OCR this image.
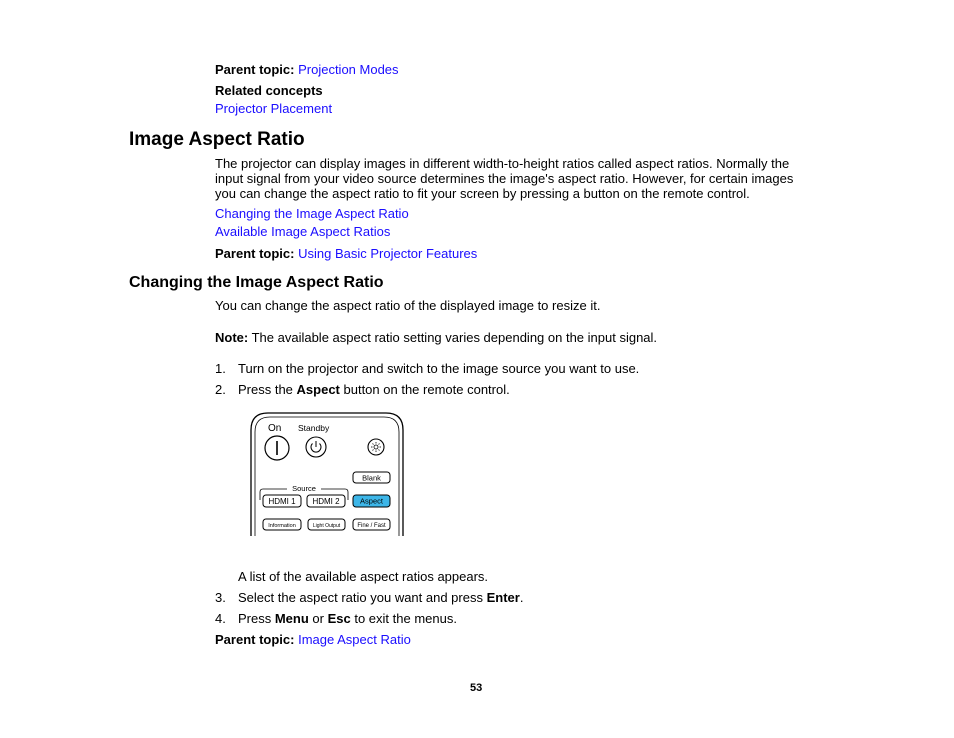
Parent topic: Projection Modes
Related concepts
Projector Placement
Image Aspect Ratio
The projector can display images in different width-to-height ratios called aspect ratios. Normally the input signal from your video source determines the image's aspect ratio. However, for certain images you can change the aspect ratio to fit your screen by pressing a button on the remote control.
Changing the Image Aspect Ratio
Available Image Aspect Ratios
Parent topic: Using Basic Projector Features
Changing the Image Aspect Ratio
You can change the aspect ratio of the displayed image to resize it.
Note: The available aspect ratio setting varies depending on the input signal.
1. Turn on the projector and switch to the image source you want to use.
2. Press the Aspect button on the remote control.
On Standby
Blank
Source
HDMI 1 HDMI 2	Aspect
Information	Light Output	Fine / Fast
A list of the available aspect ratios appears.
3. Select the aspect ratio you want and press Enter.
4. Press Menu or Esc to exit the menus.
Parent topic: Image Aspect Ratio
53
